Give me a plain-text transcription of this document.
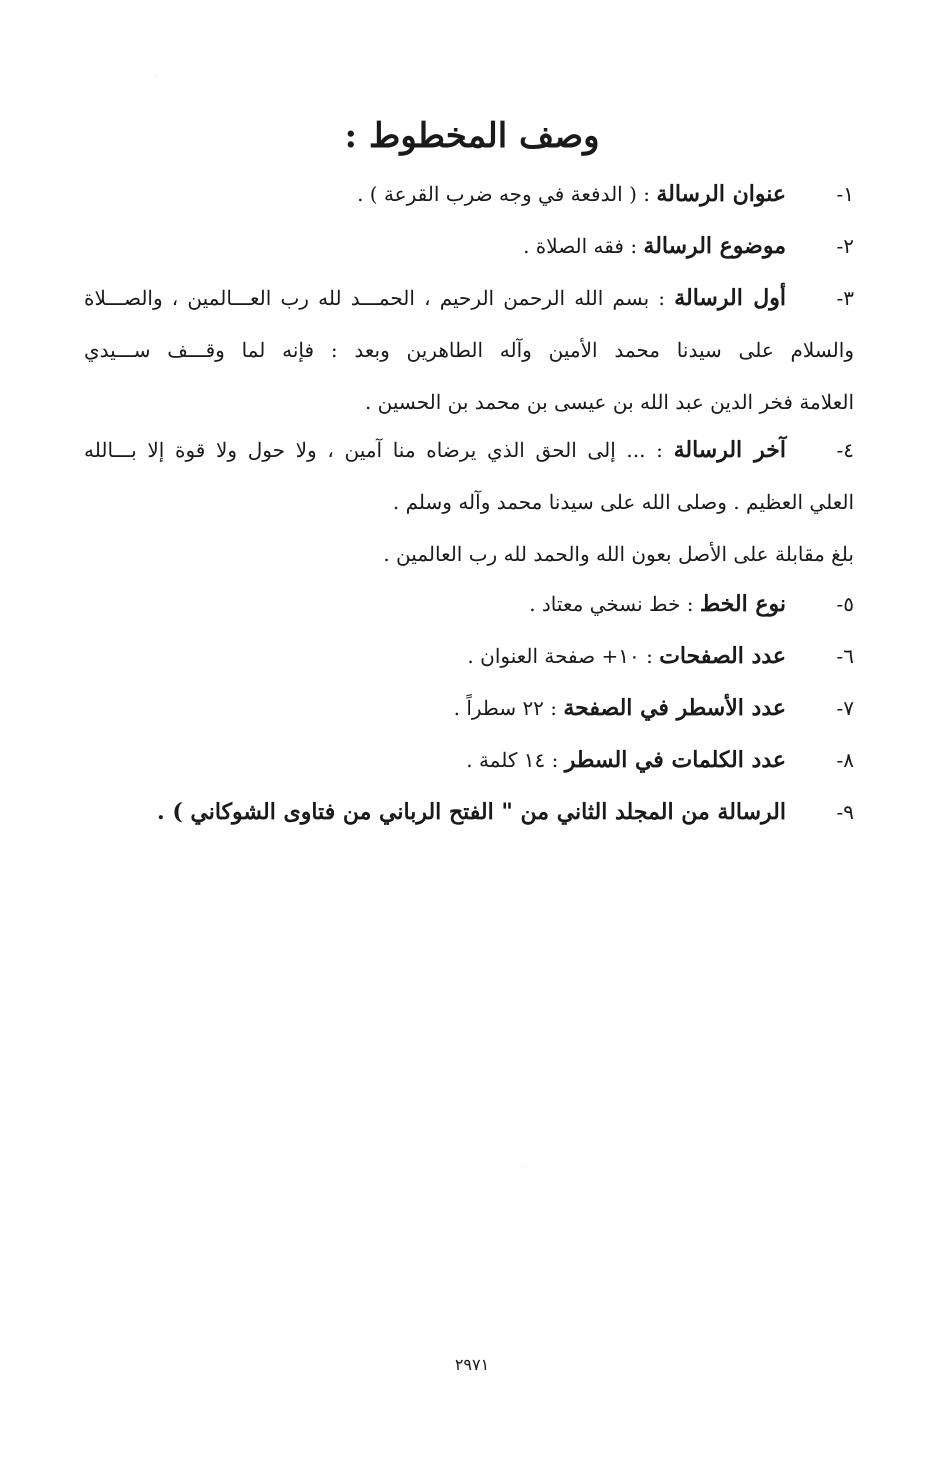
وصف المخطوط :
١-
عنوان الرسالة : ( الدفعة في وجه ضرب القرعة ) .
٢-
موضوع الرسالة : فقه الصلاة .
٣-
أول الرسالة : بسم الله الرحمن الرحيم ، الحمـــد لله رب العـــالمين ، والصـــلاة
والسلام على سيدنا محمد الأمين وآله الطاهرين وبعد : فإنه لما وقـــف ســـيدي
العلامة فخر الدين عبد الله بن عيسى بن محمد بن الحسين .
٤-
آخر الرسالة : ... إلى الحق الذي يرضاه منا آمين ، ولا حول ولا قوة إلا بـــالله
العلي العظيم . وصلى الله على سيدنا محمد وآله وسلم .
بلغ مقابلة على الأصل بعون الله والحمد لله رب العالمين .
٥-
نوع الخط : خط نسخي معتاد .
٦-
عدد الصفحات : ١٠+ صفحة العنوان .
٧-
عدد الأسطر في الصفحة : ٢٢ سطراً .
٨-
عدد الكلمات في السطر : ١٤ كلمة .
٩-
الرسالة من المجلد الثاني من " الفتح الرباني من فتاوى الشوكاني ) .
٢٩٧١
